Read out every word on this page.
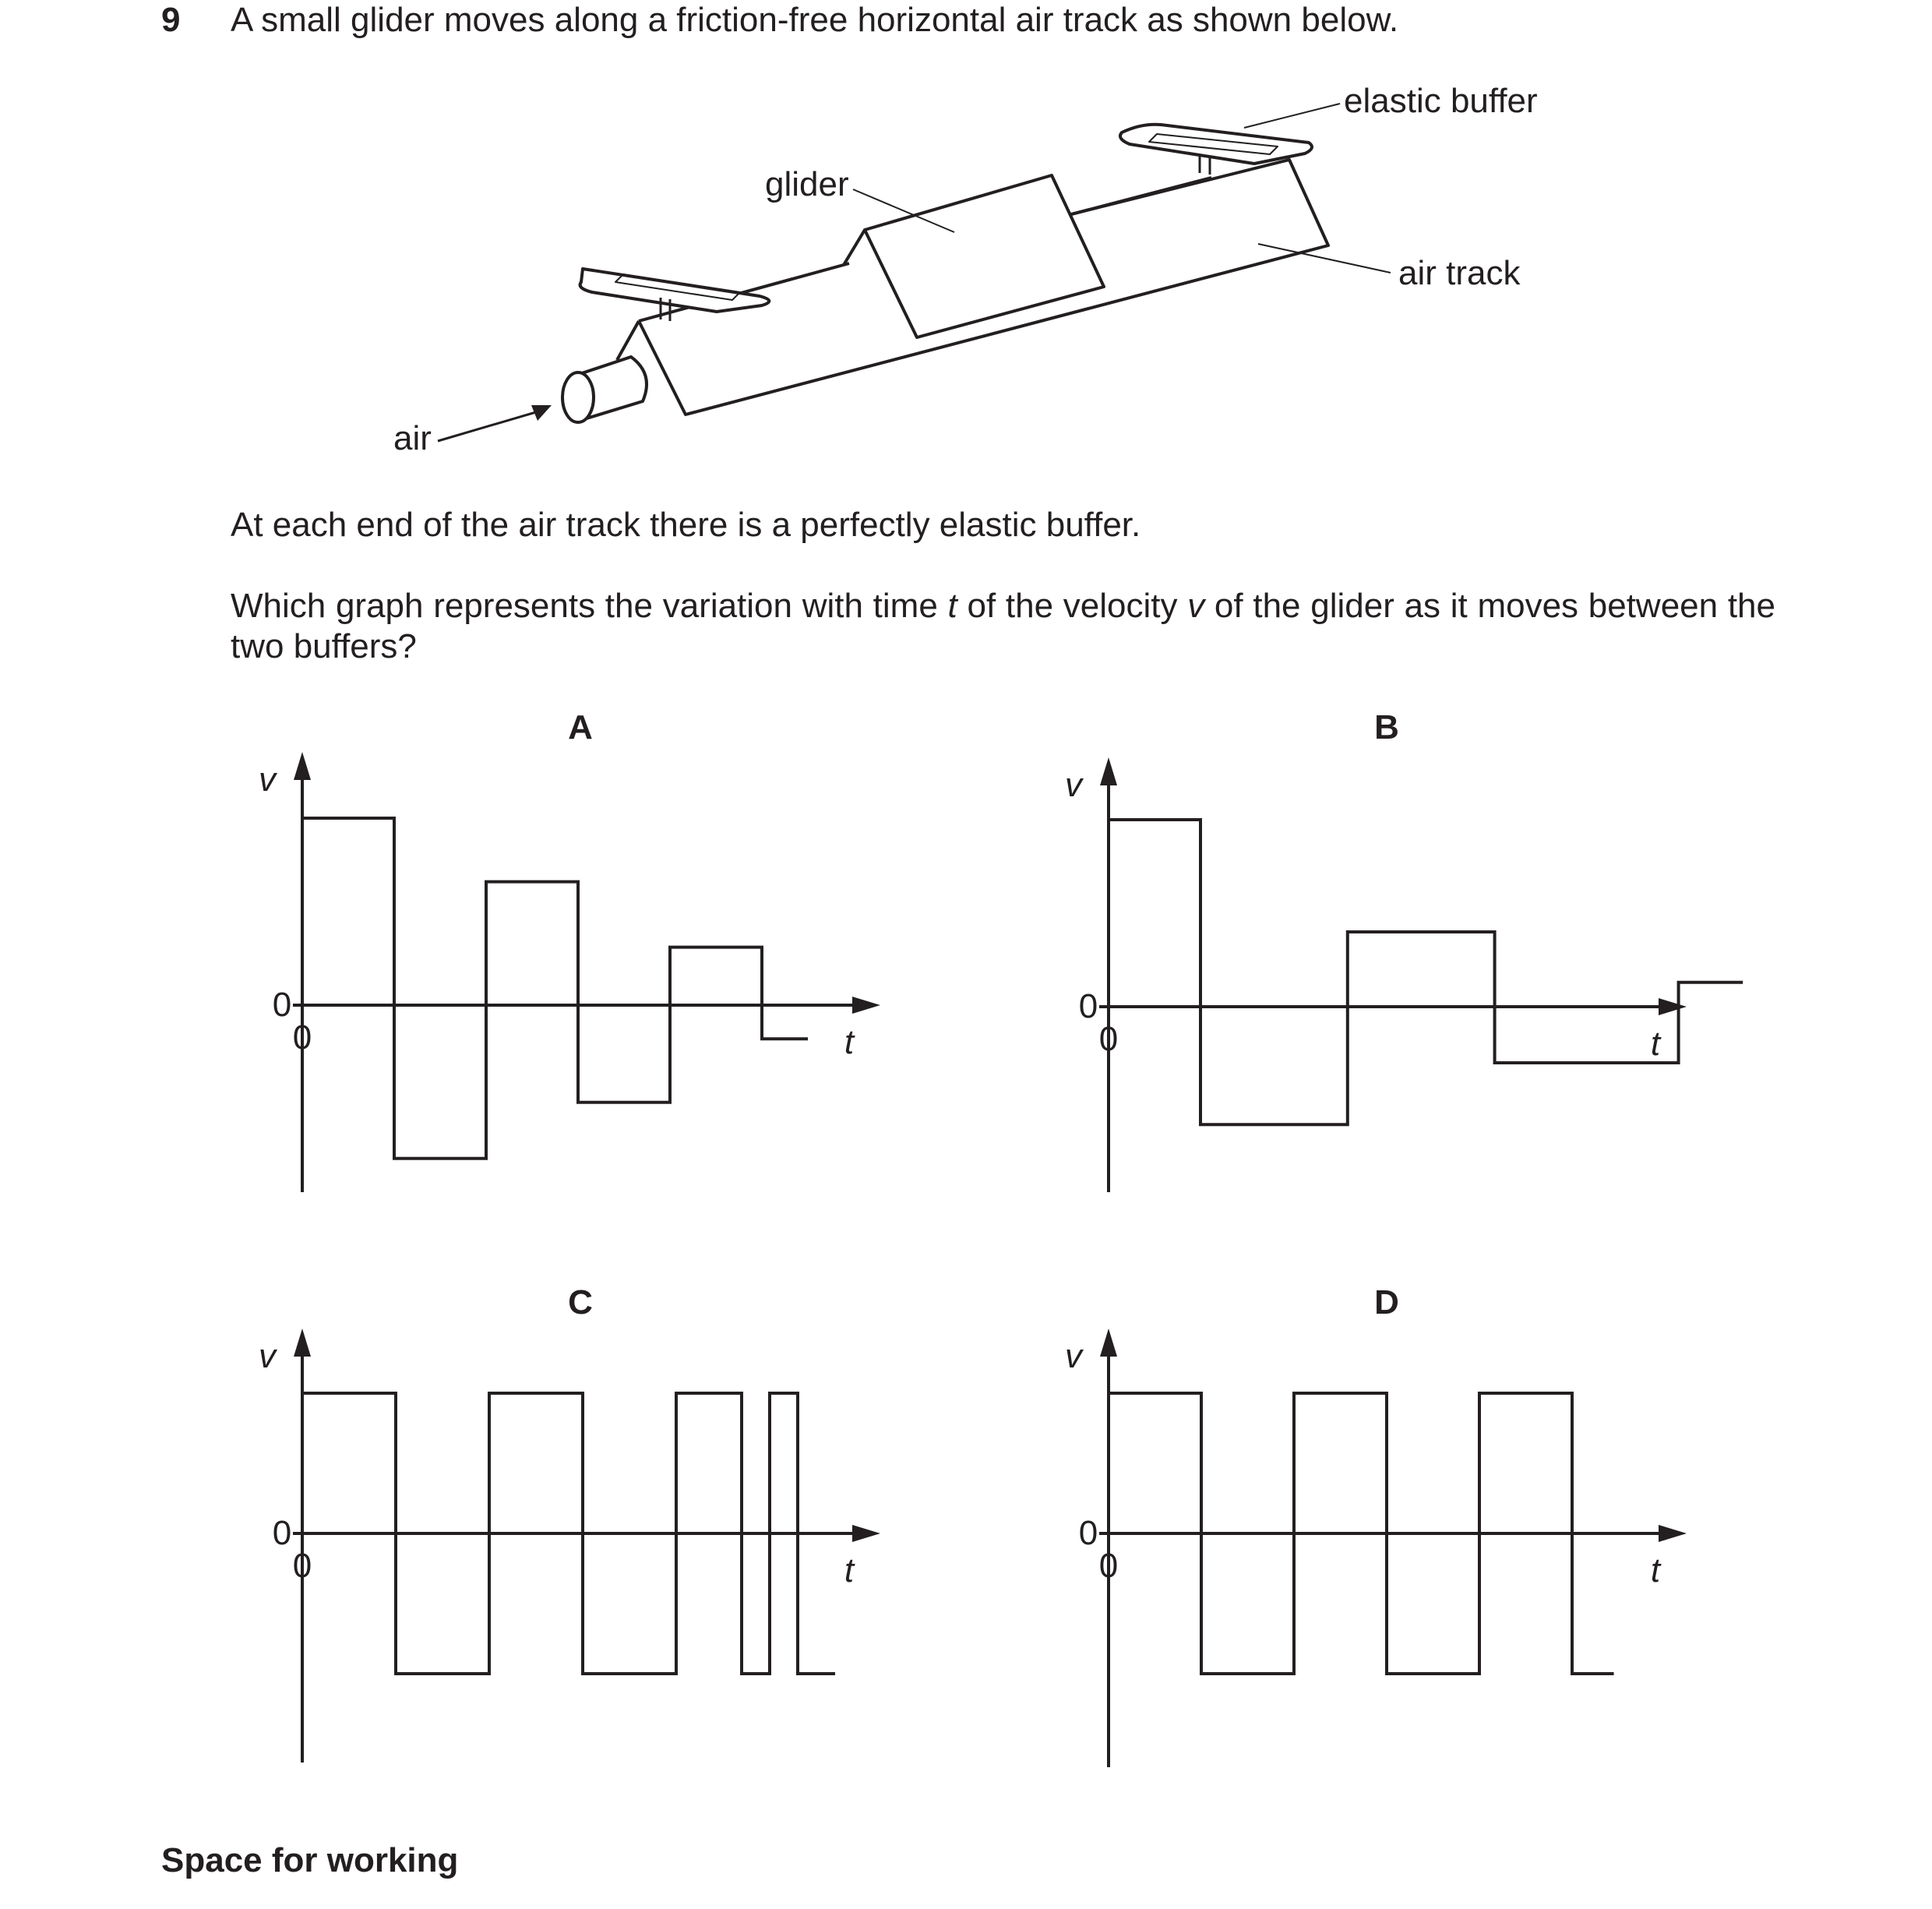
9 A small glider moves along a friction-free horizontal air track as shown below.
elastic buffer
glider
air track
air
At each end of the air track there is a perfectly elastic buffer.
Which graph represents the variation with time t of the velocity v of the glider as it moves between the two buffers?
A
v
t
0
0
B
v
t
0
0
C
v
t
0
0
D
v
t
0
0
Space for working
